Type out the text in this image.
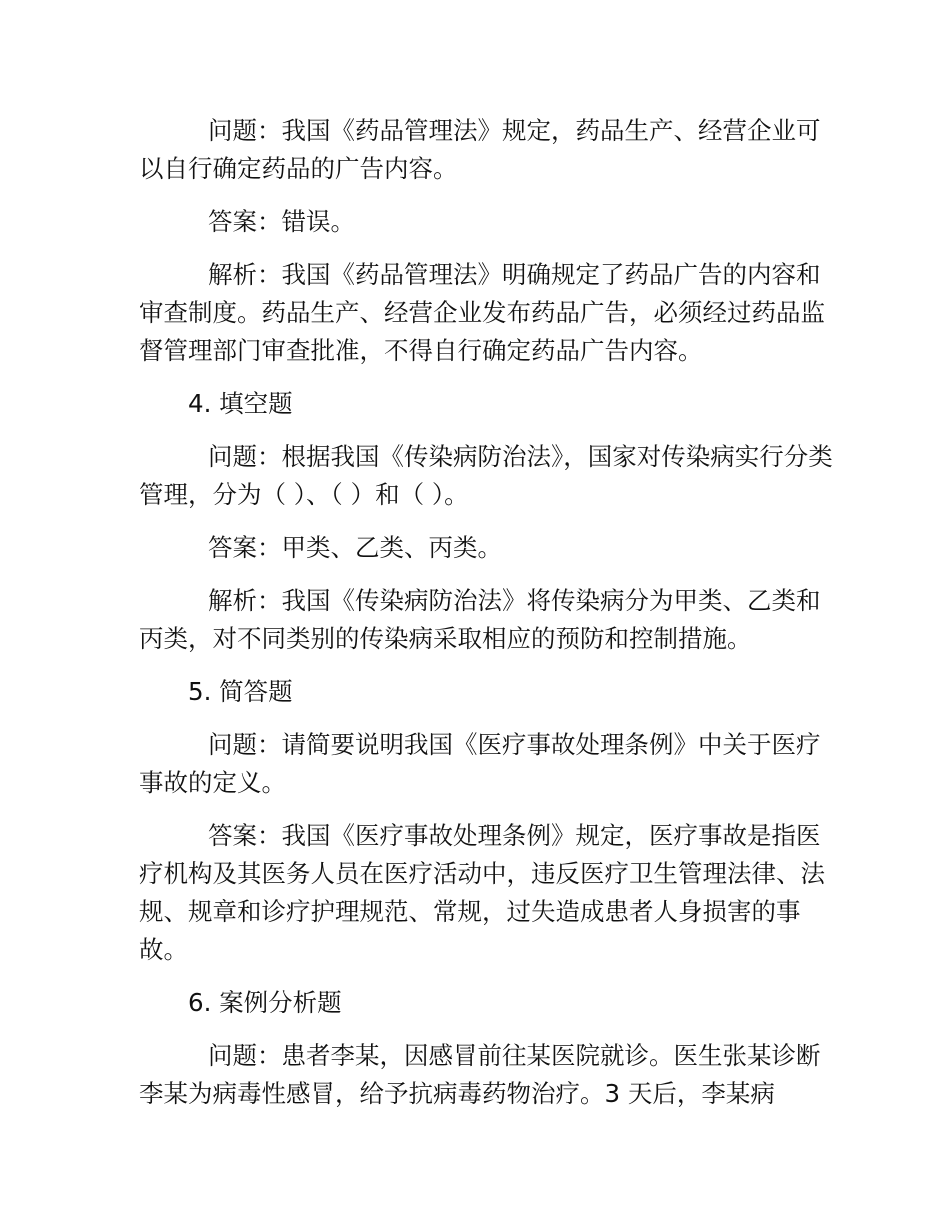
问题：我国《药品管理法》规定，药品生产、经营企业可以自行确定药品的广告内容。

答案：错误。

解析：我国《药品管理法》明确规定了药品广告的内容和审查制度。药品生产、经营企业发布药品广告，必须经过药品监督管理部门审查批准，不得自行确定药品广告内容。

4. 填空题

问题：根据我国《传染病防治法》，国家对传染病实行分类管理，分为（ ）、（ ）和（ ）。

答案：甲类、乙类、丙类。

解析：我国《传染病防治法》将传染病分为甲类、乙类和丙类，对不同类别的传染病采取相应的预防和控制措施。

5. 简答题

问题：请简要说明我国《医疗事故处理条例》中关于医疗事故的定义。

答案：我国《医疗事故处理条例》规定，医疗事故是指医疗机构及其医务人员在医疗活动中，违反医疗卫生管理法律、法规、规章和诊疗护理规范、常规，过失造成患者人身损害的事故。

6. 案例分析题

问题：患者李某，因感冒前往某医院就诊。医生张某诊断李某为病毒性感冒，给予抗病毒药物治疗。3 天后，李某病
